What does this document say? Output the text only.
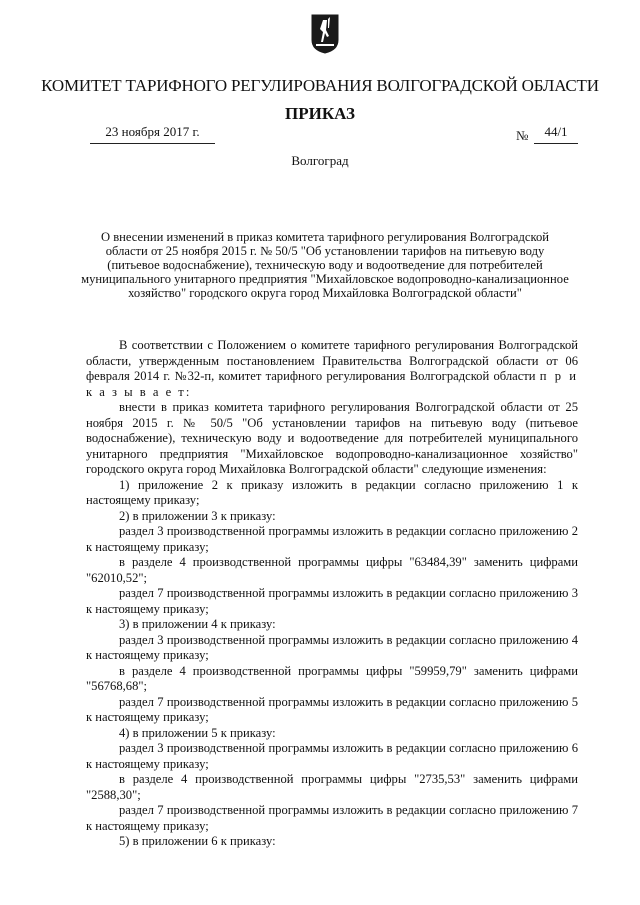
КОМИТЕТ ТАРИФНОГО РЕГУЛИРОВАНИЯ ВОЛГОГРАДСКОЙ ОБЛАСТИ
ПРИКАЗ
23 ноября 2017 г.	№	44/1
Волгоград
О внесении изменений в приказ комитета тарифного регулирования Волгоградской области от 25 ноября 2015 г. № 50/5 "Об установлении тарифов на питьевую воду (питьевое водоснабжение), техническую воду и водоотведение для потребителей муниципального унитарного предприятия "Михайловское водопроводно-канализационное хозяйство" городского округа город Михайловка Волгоградской области"

В соответствии с Положением о комитете тарифного регулирования Волгоградской области, утвержденным постановлением Правительства Волгоградской области от 06 февраля 2014 г. №32-п, комитет тарифного регулирования Волгоградской области п р и к а з ы в а е т:

внести в приказ комитета тарифного регулирования Волгоградской области от 25 ноября 2015 г. № 50/5 "Об установлении тарифов на питьевую воду (питьевое водоснабжение), техническую воду и водоотведение для потребителей муниципального унитарного предприятия "Михайловское водопроводно-канализационное хозяйство" городского округа город Михайловка Волгоградской области" следующие изменения:

1) приложение 2 к приказу изложить в редакции согласно приложению 1 к настоящему приказу;

2) в приложении 3 к приказу:

раздел 3 производственной программы изложить в редакции согласно приложению 2 к настоящему приказу;

в разделе 4 производственной программы цифры "63484,39" заменить цифрами "62010,52";

раздел 7 производственной программы изложить в редакции согласно приложению 3 к настоящему приказу;

3) в приложении 4 к приказу:

раздел 3 производственной программы изложить в редакции согласно приложению 4 к настоящему приказу;

в разделе 4 производственной программы цифры "59959,79" заменить цифрами "56768,68";

раздел 7 производственной программы изложить в редакции согласно приложению 5 к настоящему приказу;

4) в приложении 5 к приказу:

раздел 3 производственной программы изложить в редакции согласно приложению 6 к настоящему приказу;

в разделе 4 производственной программы цифры "2735,53" заменить цифрами "2588,30";

раздел 7 производственной программы изложить в редакции согласно приложению 7 к настоящему приказу;

5) в приложении 6 к приказу:
